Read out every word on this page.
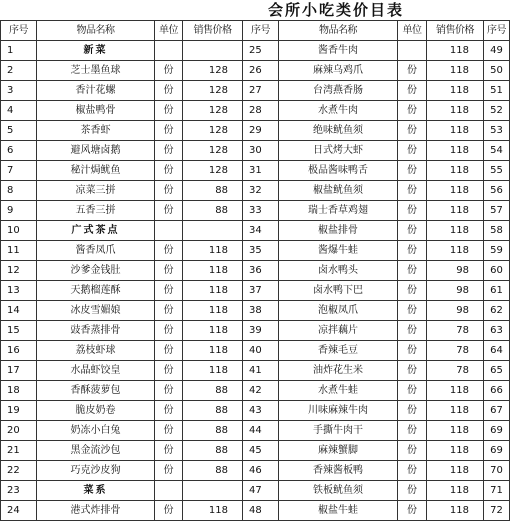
会所小吃类价目表
序号	物品名称	单位	销售价格	序号	物品名称	单位	销售价格	序号
1	新菜			25	酱香牛肉		118	49
2	芝士墨鱼球	份	128	26	麻辣乌鸡爪	份	118	50
3	香汁花螺	份	128	27	台湾燕香肠	份	118	51
4	椒盐鸭骨	份	128	28	水煮牛肉	份	118	52
5	茶香虾	份	128	29	绝味鱿鱼须	份	118	53
6	避风塘卤鹅	份	128	30	日式烤大虾	份	118	54
7	秘汁焗鱿鱼	份	128	31	极品酱味鸭舌	份	118	55
8	凉菜三拼	份	88	32	椒盐鱿鱼须	份	118	56
9	五香三拼	份	88	33	瑞士香草鸡翅	份	118	57
10	广式茶点			34	椒盐排骨	份	118	58
11	酱香凤爪	份	118	35	酱爆牛蛙	份	118	59
12	沙爹金钱肚	份	118	36	卤水鸭头	份	98	60
13	天鹅榴莲酥	份	118	37	卤水鸭下巴	份	98	61
14	冰皮雪媚娘	份	118	38	泡椒凤爪	份	98	62
15	豉香蒸排骨	份	118	39	凉拌藕片	份	78	63
16	荔枝虾球	份	118	40	香辣毛豆	份	78	64
17	水晶虾饺皇	份	118	41	油炸花生米	份	78	65
18	香酥菠萝包	份	88	42	水煮牛蛙	份	118	66
19	脆皮奶卷	份	88	43	川味麻辣牛肉	份	118	67
20	奶冻小白兔	份	88	44	手撕牛肉干	份	118	69
21	黑金流沙包	份	88	45	麻辣蟹脚	份	118	69
22	巧克沙皮狗	份	88	46	香辣酱板鸭	份	118	70
23	菜系			47	铁板鱿鱼须	份	118	71
24	港式炸排骨	份	118	48	椒盐牛蛙	份	118	72
